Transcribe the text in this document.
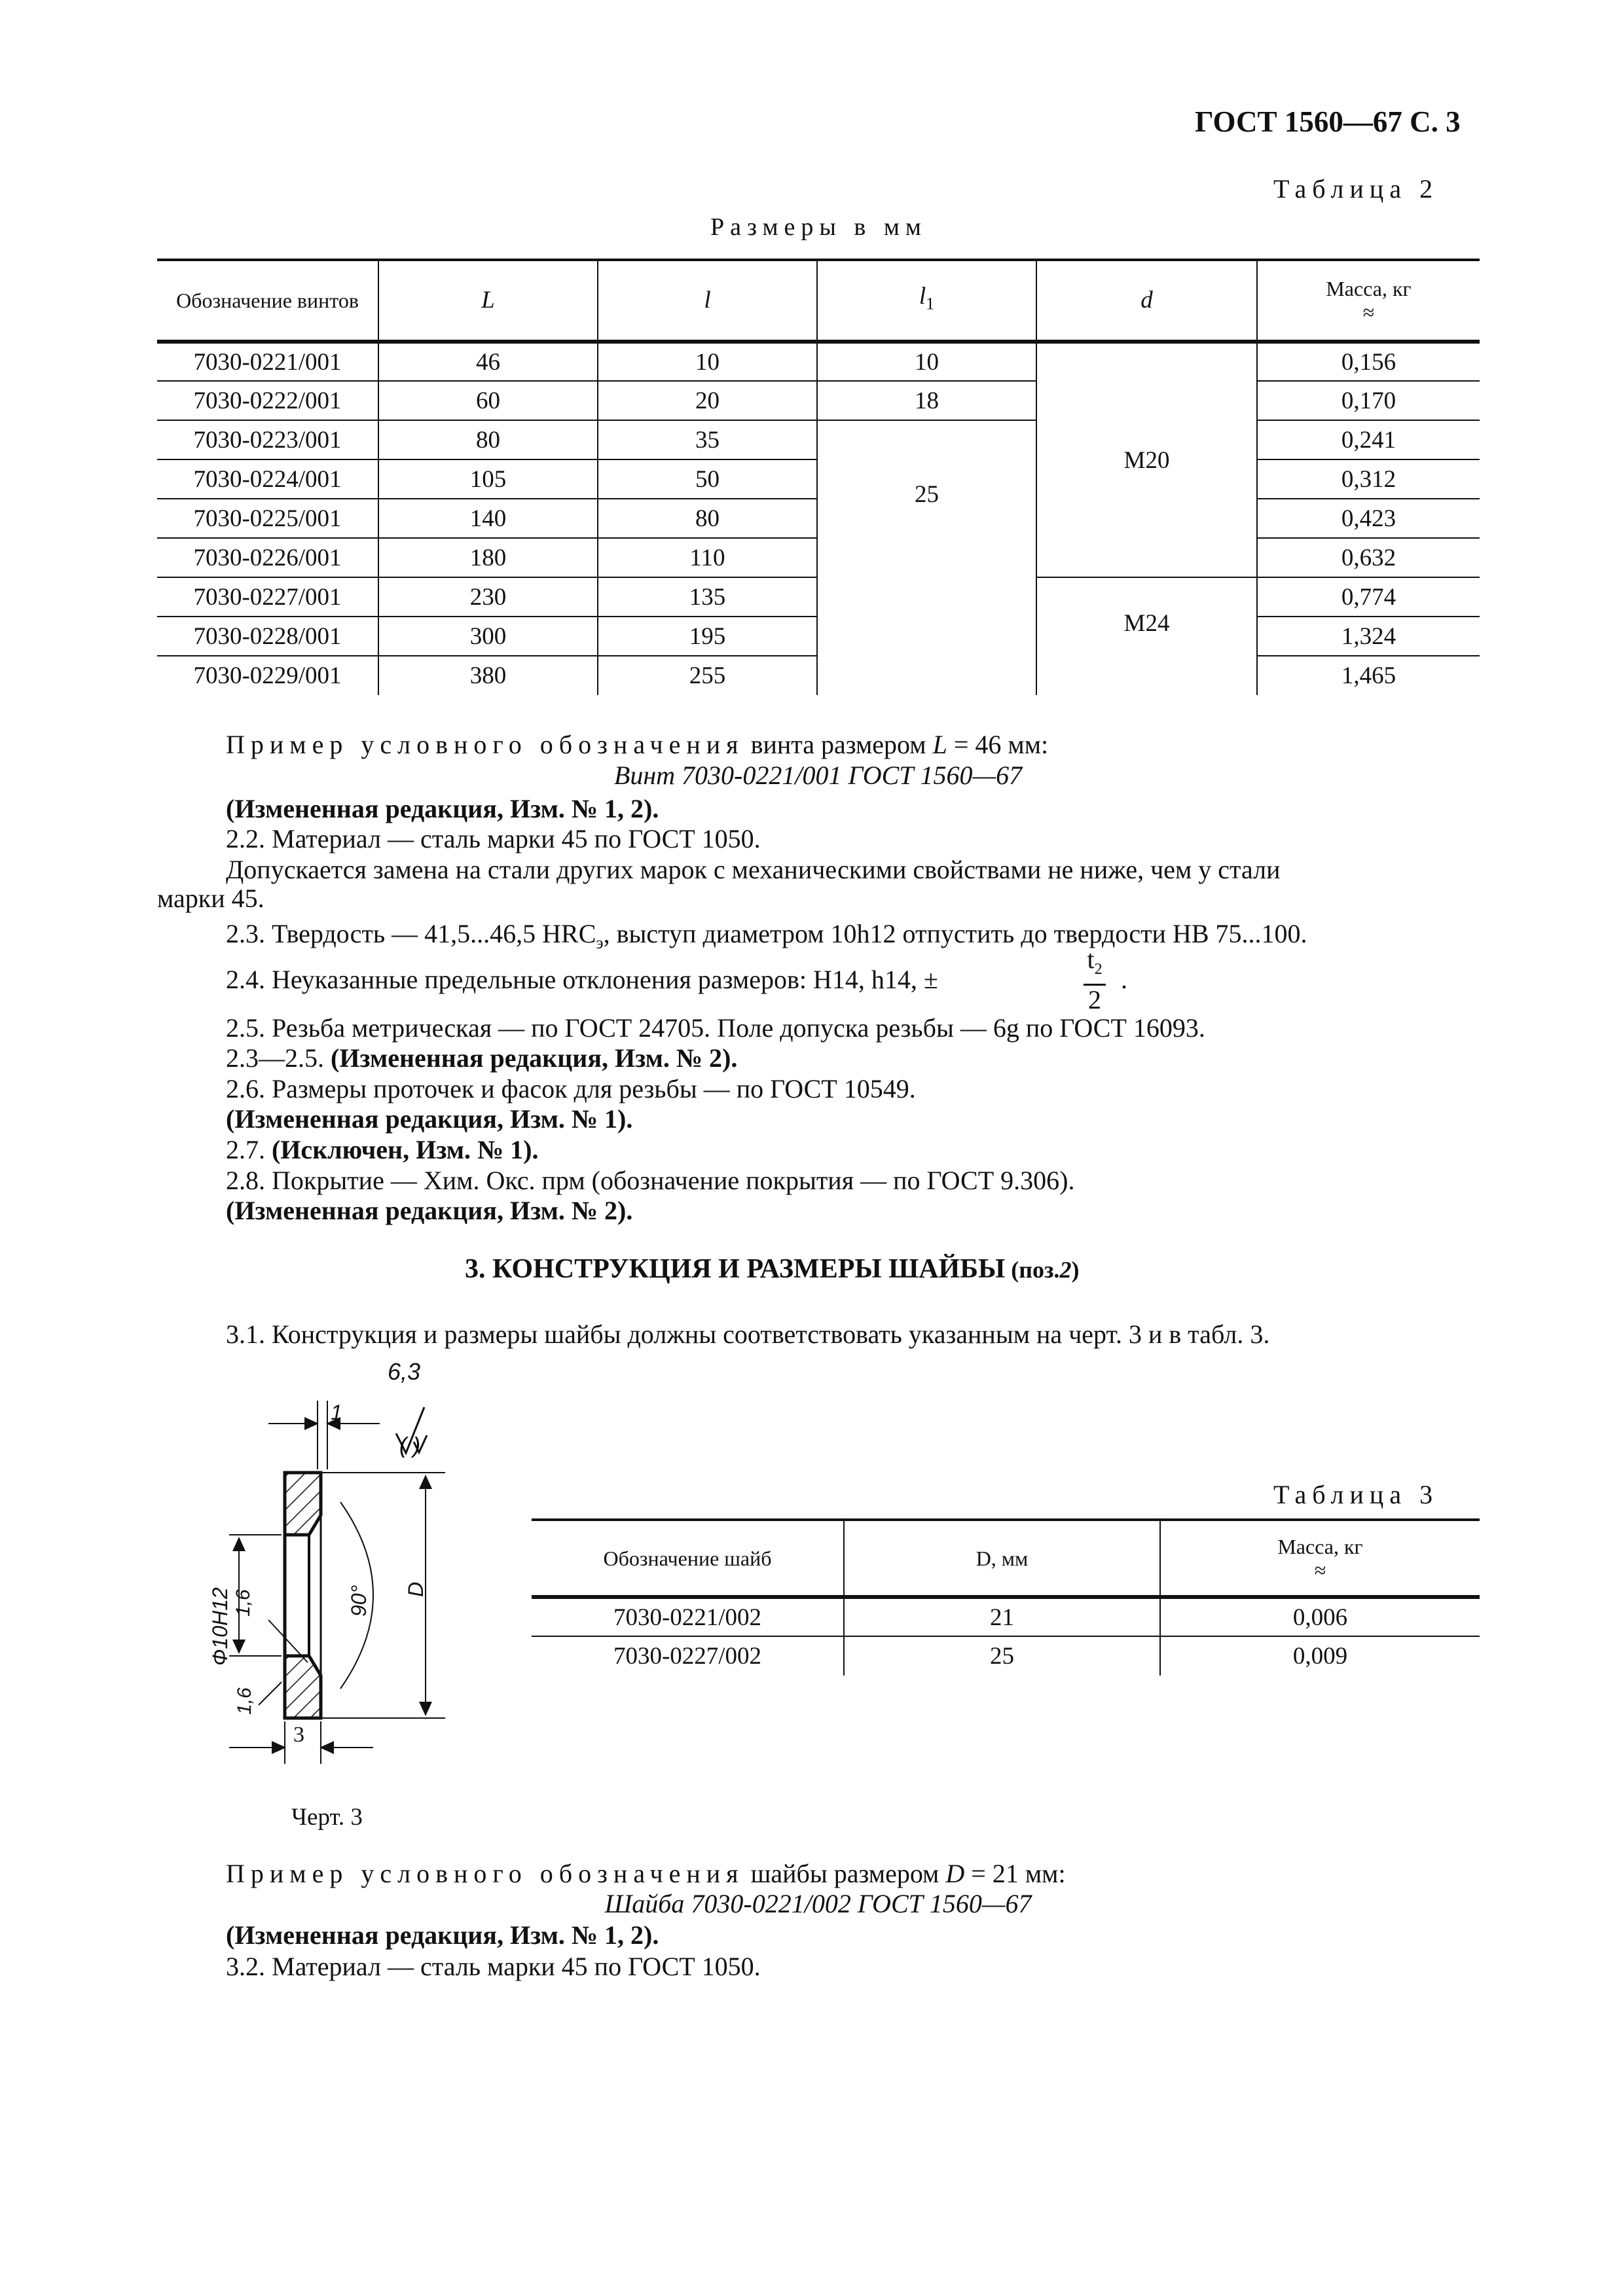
ГОСТ 1560—67 С. 3
Таблица 2
Размеры в мм
Обозначение винтов	L	l	$l_1$	d	Масса, кг
≈

7030-0221/001	46	10	10	M20	0,156
7030-0222/001	60	20	18		0,170
7030-0223/001	80	35	25		0,241
7030-0224/001	105	50			0,312
7030-0225/001	140	80			0,423
7030-0226/001	180	110			0,632
7030-0227/001	230	135		M24	0,774
7030-0228/001	300	195			1,324
7030-0229/001	380	255			1,465
Пример условного обозначения винта размером L = 46 мм:
Винт 7030-0221/001 ГОСТ 1560—67
(Измененная редакция, Изм. № 1, 2).
2.2. Материал — сталь марки 45 по ГОСТ 1050.
Допускается замена на стали других марок с механическими свойствами не ниже, чем у стали
марки 45.
2.3. Твердость — 41,5...46,5 $HRC_э$, выступ диаметром 10h12 отпустить до твердости НВ 75...100.
2.4. Неуказанные предельные отклонения размеров: H14, h14, ±	$\frac{t_2}{2}$ .
2.5. Резьба метрическая — по ГОСТ 24705. Поле допуска резьбы — 6g по ГОСТ 16093.
2.3—2.5. (Измененная редакция, Изм. № 2).
2.6. Размеры проточек и фасок для резьбы — по ГОСТ 10549.
(Измененная редакция, Изм. № 1).
2.7. (Исключен, Изм. № 1).
2.8. Покрытие — Хим. Окс. прм (обозначение покрытия — по ГОСТ 9.306).
(Измененная редакция, Изм. № 2).
3. КОНСТРУКЦИЯ И РАЗМЕРЫ ШАЙБЫ (поз.2)
3.1. Конструкция и размеры шайбы должны соответствовать указанным на черт. 3 и в табл. 3.
( )
6,3
1
3
1,6
1,6
Ф10H12	90° D
Черт. 3
Таблица 3
Обозначение шайб	D, мм	Масса, кг
≈

7030-0221/002	21	0,006
7030-0227/002	25	0,009
Пример условного обозначения шайбы размером D = 21 мм:
Шайба 7030-0221/002 ГОСТ 1560—67
(Измененная редакция, Изм. № 1, 2).
3.2. Материал — сталь марки 45 по ГОСТ 1050.
